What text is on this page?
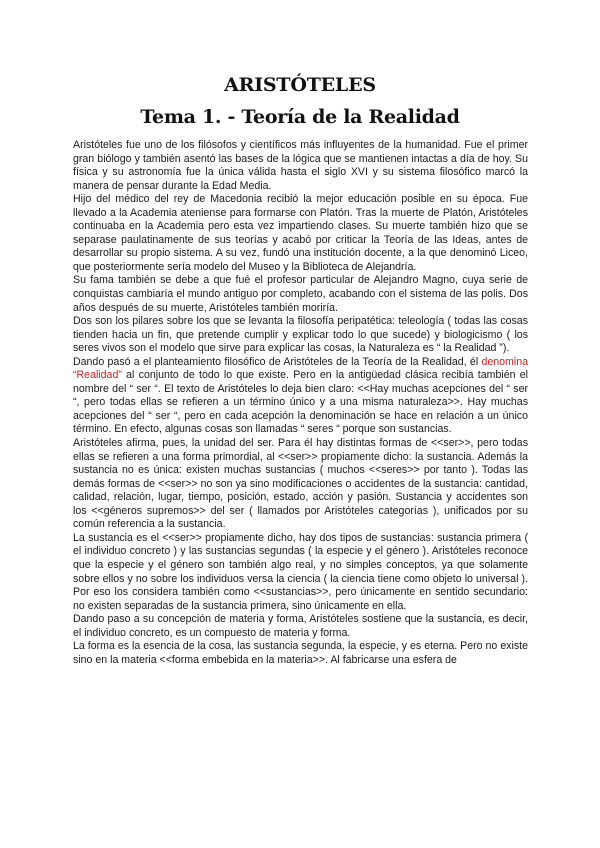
ARISTÓTELES
Tema 1. - Teoría de la Realidad

Aristóteles fue uno de los filósofos y científicos más influyentes de la humanidad. Fue el primer gran biólogo y también asentó las bases de la lógica que se mantienen intactas a día de hoy. Su física y su astronomía fue la única válida hasta el siglo XVI y su sistema filosófico marcó la manera de pensar durante la Edad Media.

Hijo del médico del rey de Macedonia recibió la mejor educación posible en su época. Fue llevado a la Academia ateniense para formarse con Platón. Tras la muerte de Platón, Aristóteles continuaba en la Academia pero esta vez impartiendo clases. Su muerte también hizo que se separase paulatinamente de sus teorías y acabó por criticar la Teoría de las Ideas, antes de desarrollar su propio sistema. A su vez, fundó una institución docente, a la que denominó Liceo, que posteriormente sería modelo del Museo y la Biblioteca de Alejandría.

Su fama también se debe a que fué el profesor particular de Alejandro Magno, cuya serie de conquistas cambiaría el mundo antiguo por completo, acabando con el sistema de las polis. Dos años después de su muerte, Aristóteles también moriría.

Dos son los pilares sobre los que se levanta la filosofía peripatética: teleología ( todas las cosas tienden hacia un fin, que pretende cumplir y explicar todo lo que sucede) y biologicismo ( los seres vivos son el modelo que sirve para explicar las cosas, la Naturaleza es “ la Realidad ”).

Dando pasó a el planteamiento filosófico de Aristóteles de la Teoría de la Realidad, él denomina “Realidad” al conjunto de todo lo que existe. Pero en la antigüedad clásica recibía también el nombre del “ ser “. El texto de Aristóteles lo deja bien claro: <<Hay muchas acepciones del “ ser “, pero todas ellas se refieren a un término único y a una misma naturaleza>>. Hay muchas acepciones del “ ser “, pero en cada acepción la denominación se hace en relación a un único término. En efecto, algunas cosas son llamadas “ seres “ porque son sustancias.

Aristóteles afirma, pues, la unidad del ser. Para él hay distintas formas de <<ser>>, pero todas ellas se refieren a una forma primordial, al <<ser>> propiamente dicho: la sustancia. Además la sustancia no es única: existen muchas sustancias ( muchos <<seres>> por tanto ). Todas las demás formas de <<ser>> no son ya sino modificaciones o accidentes de la sustancia: cantidad, calidad, relación, lugar, tiempo, posición, estado, acción y pasión. Sustancia y accidentes son los <<géneros supremos>> del ser ( llamados por Aristóteles categorías ), unificados por su común referencia a la sustancia.

La sustancia es el <<ser>> propiamente dicho, hay dos tipos de sustancias: sustancia primera ( el individuo concreto ) y las sustancias segundas ( la especie y el género ). Aristóteles reconoce que la especie y el género son también algo real, y no simples conceptos, ya que solamente sobre ellos y no sobre los individuos versa la ciencia ( la ciencia tiene como objeto lo universal ). Por eso los considera también como <<sustancias>>, pero únicamente en sentido secundario: no existen separadas de la sustancia primera, sino únicamente en ella.

Dando paso a su concepción de materia y forma, Aristóteles sostiene que la sustancia, es decir, el individuo concreto, es un compuesto de materia y forma.

La forma es la esencia de la cosa, las sustancia segunda, la especie, y es eterna. Pero no existe sino en la materia <<forma embebida en la materia>>. Al fabricarse una esfera de
